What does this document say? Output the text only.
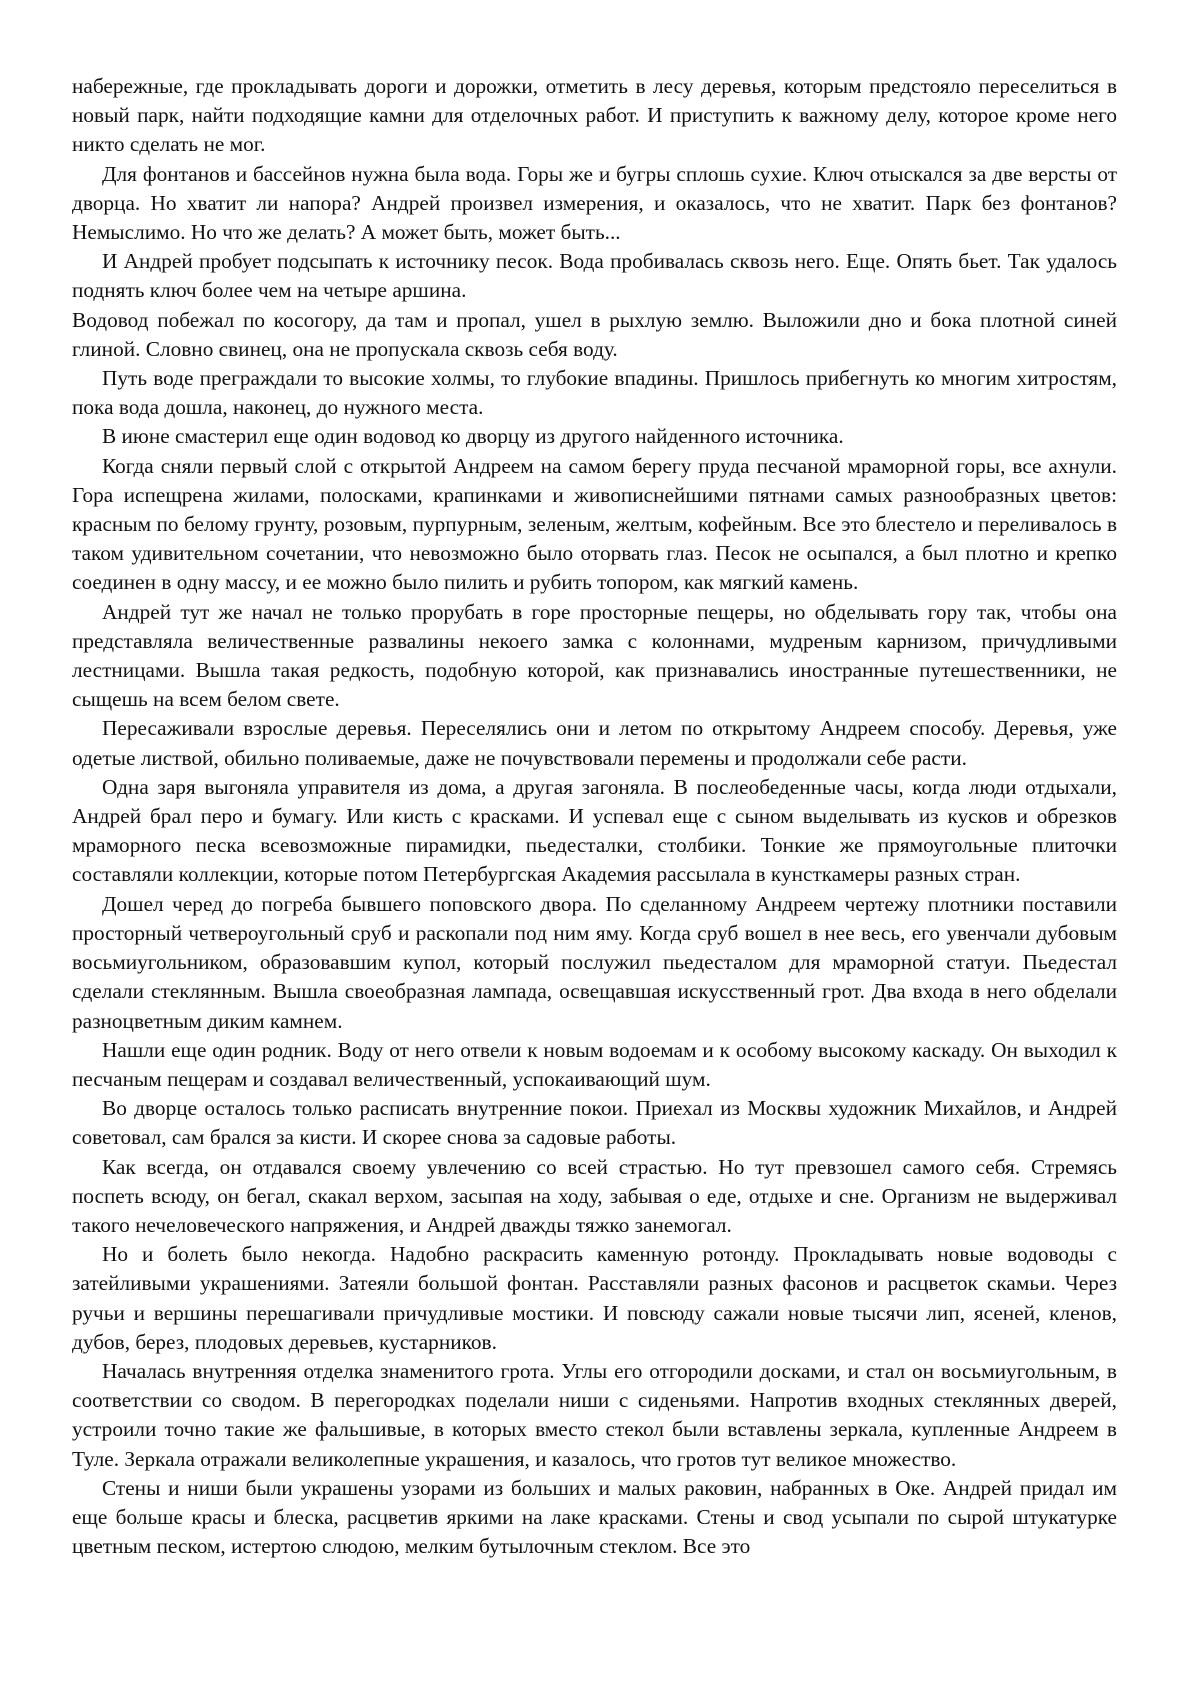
набережные, где прокладывать дороги и дорожки, отметить в лесу деревья, которым предстояло переселиться в новый парк, найти подходящие камни для отделочных работ. И приступить к важному делу, которое кроме него никто сделать не мог.

Для фонтанов и бассейнов нужна была вода. Горы же и бугры сплошь сухие. Ключ отыскался за две версты от дворца. Но хватит ли напора? Андрей произвел измерения, и оказалось, что не хватит. Парк без фонтанов? Немыслимо. Но что же делать? А может быть, может быть...

И Андрей пробует подсыпать к источнику песок. Вода пробивалась сквозь него. Еще. Опять бьет. Так удалось поднять ключ более чем на четыре аршина.

Водовод побежал по косогору, да там и пропал, ушел в рыхлую землю. Выложили дно и бока плотной синей глиной. Словно свинец, она не пропускала сквозь себя воду.

Путь воде преграждали то высокие холмы, то глубокие впадины. Пришлось прибегнуть ко многим хитростям, пока вода дошла, наконец, до нужного места.

В июне смастерил еще один водовод ко дворцу из другого найденного источника.

Когда сняли первый слой с открытой Андреем на самом берегу пруда песчаной мраморной горы, все ахнули. Гора испещрена жилами, полосками, крапинками и живописнейшими пятнами самых разнообразных цветов: красным по белому грунту, розовым, пурпурным, зеленым, желтым, кофейным. Все это блестело и переливалось в таком удивительном сочетании, что невозможно было оторвать глаз. Песок не осыпался, а был плотно и крепко соединен в одну массу, и ее можно было пилить и рубить топором, как мягкий камень.

Андрей тут же начал не только прорубать в горе просторные пещеры, но обделывать гору так, чтобы она представляла величественные развалины некоего замка с колоннами, мудреным карнизом, причудливыми лестницами. Вышла такая редкость, подобную которой, как признавались иностранные путешественники, не сыщешь на всем белом свете.

Пересаживали взрослые деревья. Переселялись они и летом по открытому Андреем способу. Деревья, уже одетые листвой, обильно поливаемые, даже не почувствовали перемены и продолжали себе расти.

Одна заря выгоняла управителя из дома, а другая загоняла. В послеобеденные часы, когда люди отдыхали, Андрей брал перо и бумагу. Или кисть с красками. И успевал еще с сыном выделывать из кусков и обрезков мраморного песка всевозможные пирамидки, пьедесталки, столбики. Тонкие же прямоугольные плиточки составляли коллекции, которые потом Петербургская Академия рассылала в кунсткамеры разных стран.

Дошел черед до погреба бывшего поповского двора. По сделанному Андреем чертежу плотники поставили просторный четвероугольный сруб и раскопали под ним яму. Когда сруб вошел в нее весь, его увенчали дубовым восьмиугольником, образовавшим купол, который послужил пьедесталом для мраморной статуи. Пьедестал сделали стеклянным. Вышла своеобразная лампада, освещавшая искусственный грот. Два входа в него обделали разноцветным диким камнем.

Нашли еще один родник. Воду от него отвели к новым водоемам и к особому высокому каскаду. Он выходил к песчаным пещерам и создавал величественный, успокаивающий шум.

Во дворце осталось только расписать внутренние покои. Приехал из Москвы художник Михайлов, и Андрей советовал, сам брался за кисти. И скорее снова за садовые работы.

Как всегда, он отдавался своему увлечению со всей страстью. Но тут превзошел самого себя. Стремясь поспеть всюду, он бегал, скакал верхом, засыпая на ходу, забывая о еде, отдыхе и сне. Организм не выдерживал такого нечеловеческого напряжения, и Андрей дважды тяжко занемогал.

Но и болеть было некогда. Надобно раскрасить каменную ротонду. Прокладывать новые водоводы с затейливыми украшениями. Затеяли большой фонтан. Расставляли разных фасонов и расцветок скамьи. Через ручьи и вершины перешагивали причудливые мостики. И повсюду сажали новые тысячи лип, ясеней, кленов, дубов, берез, плодовых деревьев, кустарников.

Началась внутренняя отделка знаменитого грота. Углы его отгородили досками, и стал он восьмиугольным, в соответствии со сводом. В перегородках поделали ниши с сиденьями. Напротив входных стеклянных дверей, устроили точно такие же фальшивые, в которых вместо стекол были вставлены зеркала, купленные Андреем в Туле. Зеркала отражали великолепные украшения, и казалось, что гротов тут великое множество.

Стены и ниши были украшены узорами из больших и малых раковин, набранных в Оке. Андрей придал им еще больше красы и блеска, расцветив яркими на лаке красками. Стены и свод усыпали по сырой штукатурке цветным песком, истертою слюдою, мелким бутылочным стеклом. Все это
